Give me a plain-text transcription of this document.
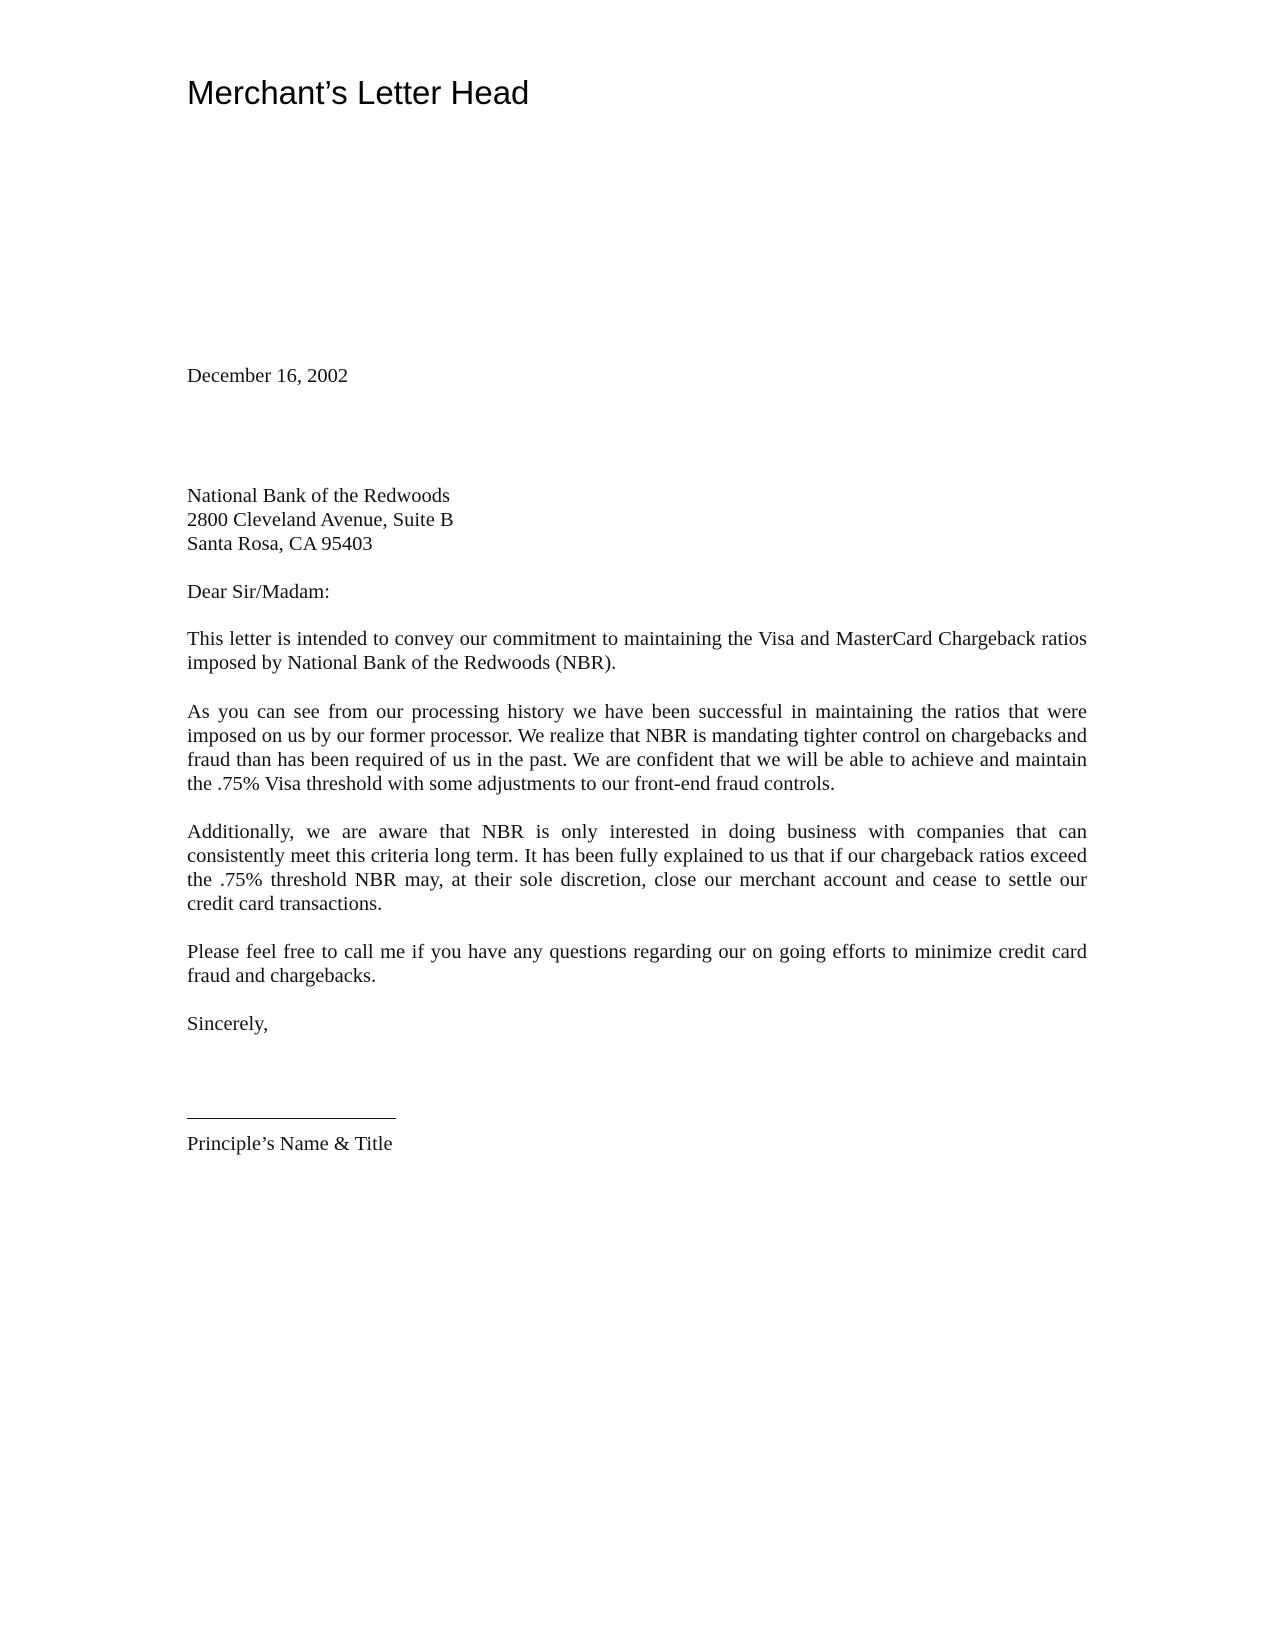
Merchant’s Letter Head
December 16, 2002
National Bank of the Redwoods
2800 Cleveland Avenue, Suite B
Santa Rosa, CA 95403
Dear Sir/Madam:
This letter is intended to convey our commitment to maintaining the Visa and MasterCard Chargeback ratios imposed by National Bank of the Redwoods (NBR).
As you can see from our processing history we have been successful in maintaining the ratios that were imposed on us by our former processor. We realize that NBR is mandating tighter control on chargebacks and fraud than has been required of us in the past. We are confident that we will be able to achieve and maintain the .75% Visa threshold with some adjustments to our front-end fraud controls.
Additionally, we are aware that NBR is only interested in doing business with companies that can consistently meet this criteria long term. It has been fully explained to us that if our chargeback ratios exceed the .75% threshold NBR may, at their sole discretion, close our merchant account and cease to settle our credit card transactions.
Please feel free to call me if you have any questions regarding our on going efforts to minimize credit card fraud and chargebacks.
Sincerely,
Principle’s Name & Title
